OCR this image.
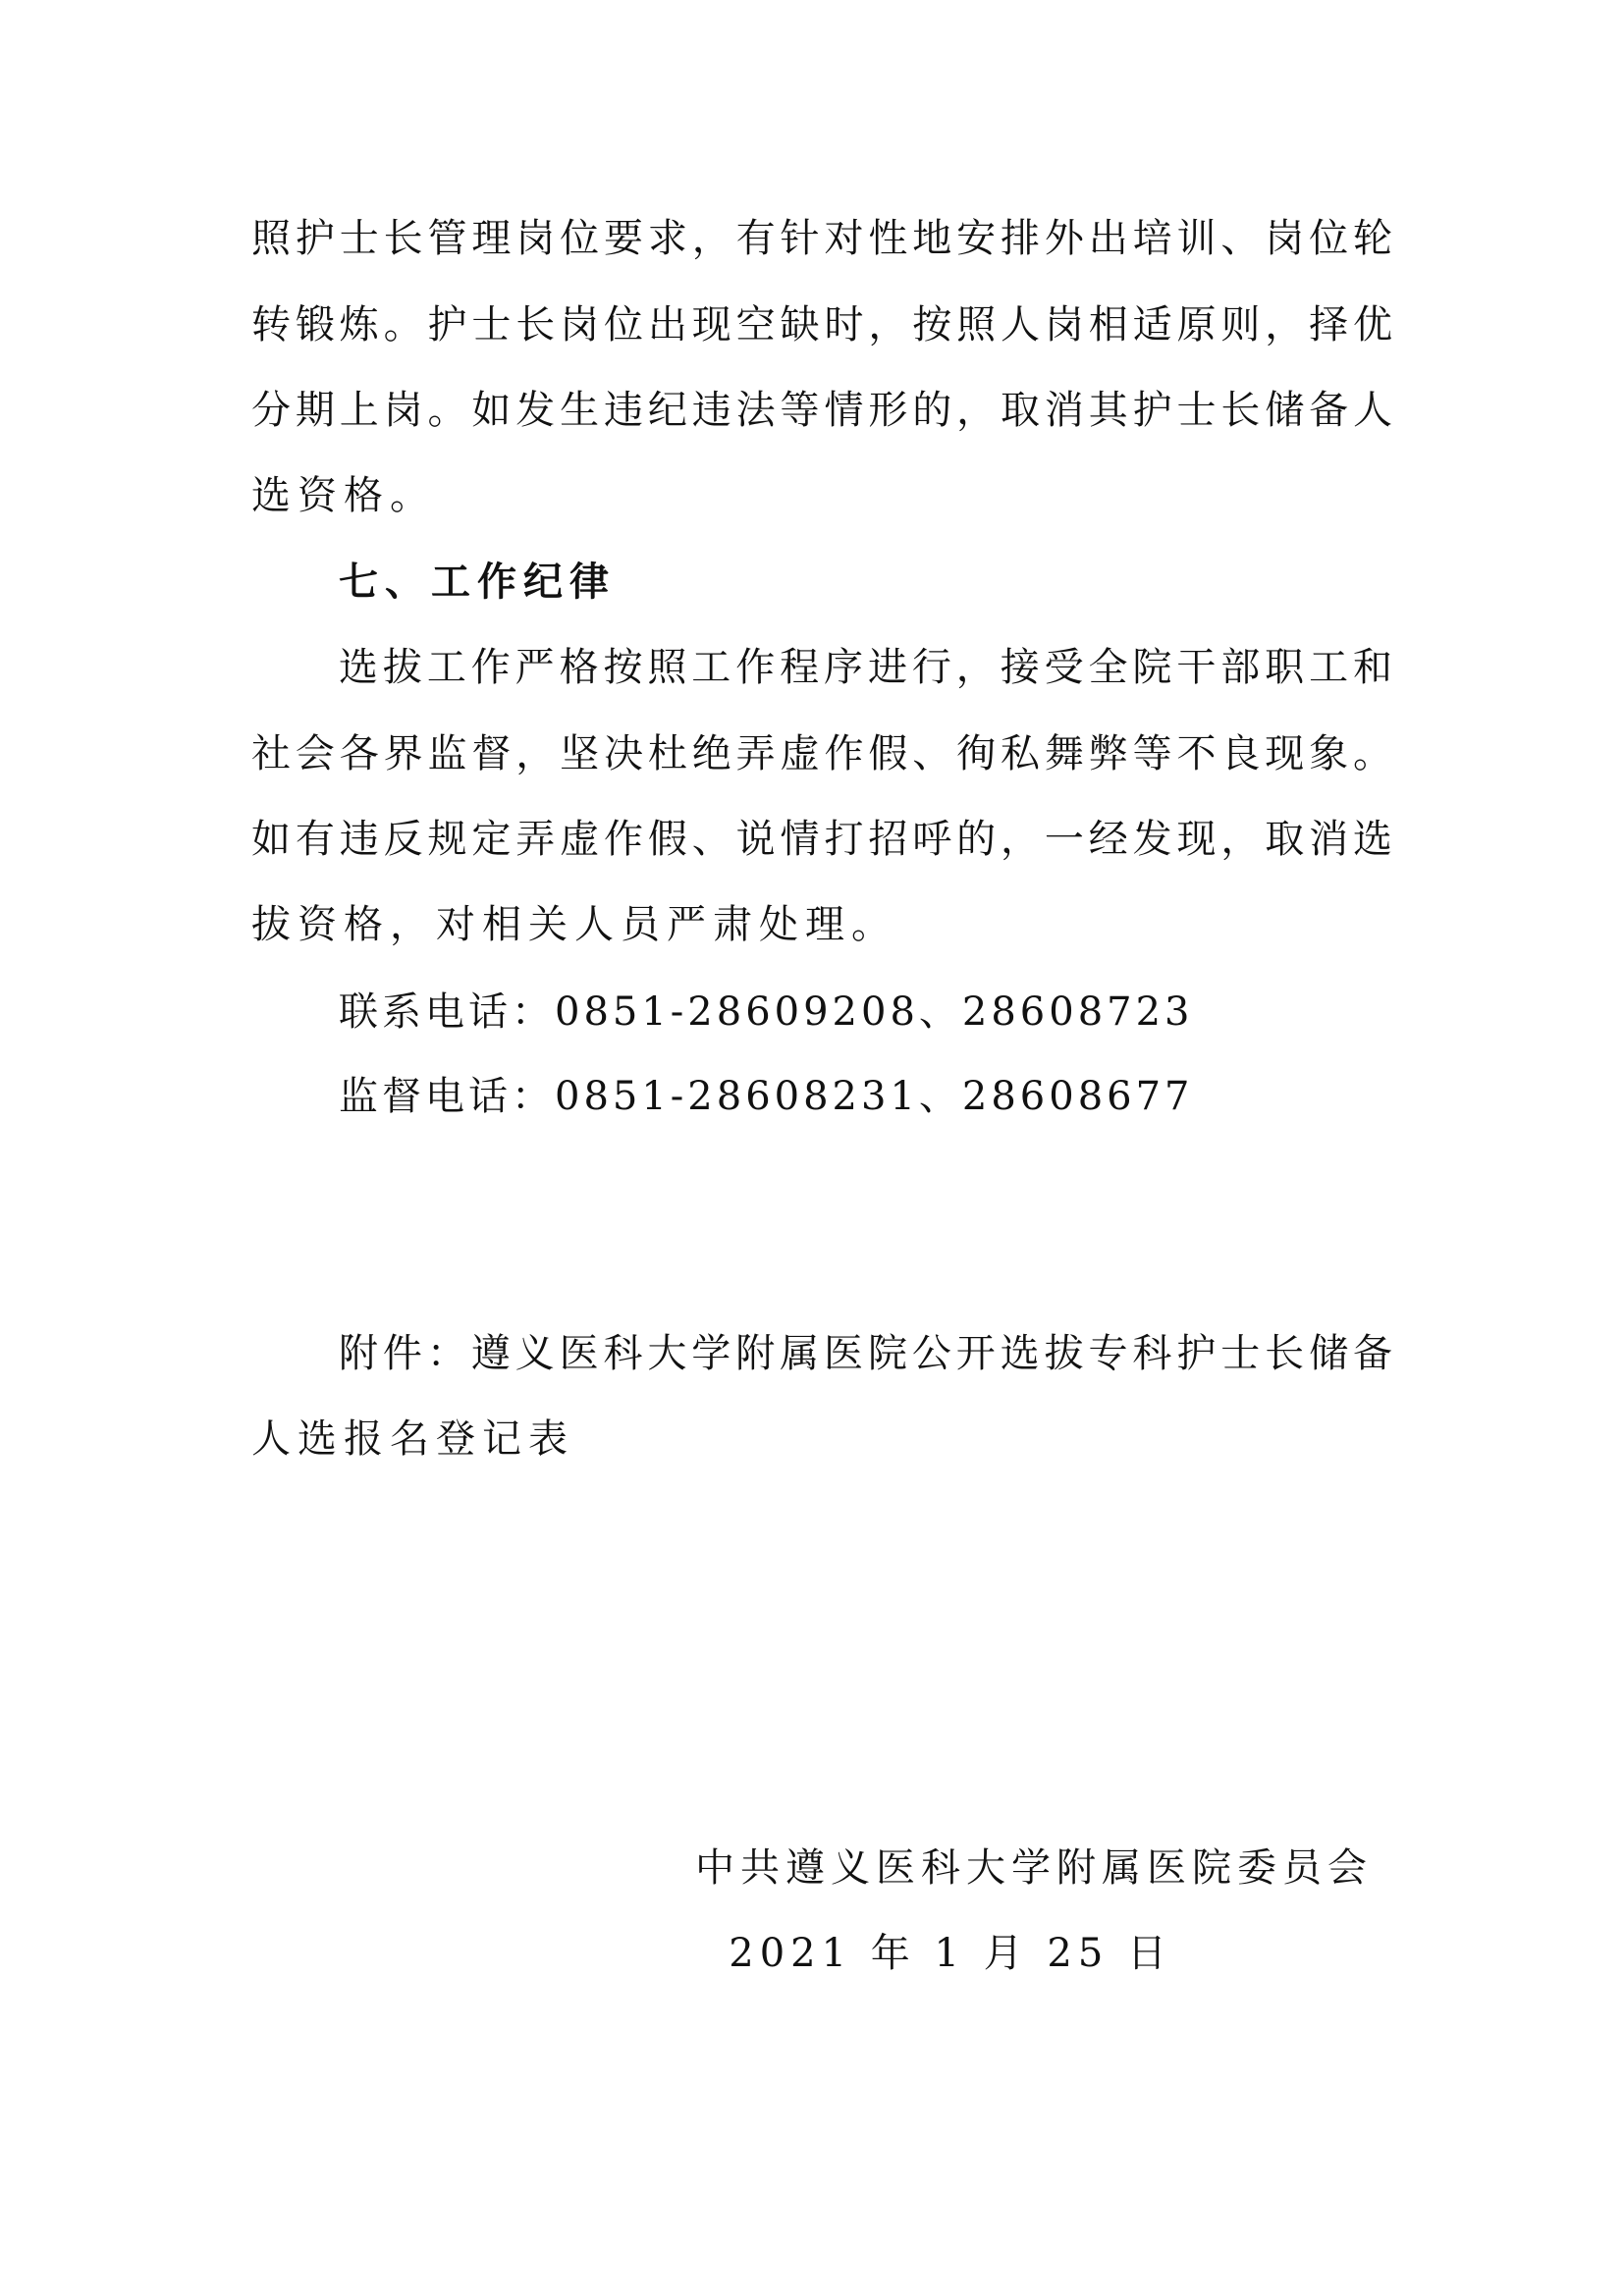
照护士长管理岗位要求，有针对性地安排外出培训、岗位轮
转锻炼。护士长岗位出现空缺时，按照人岗相适原则，择优
分期上岗。如发生违纪违法等情形的，取消其护士长储备人
选资格。
七、工作纪律
选拔工作严格按照工作程序进行，接受全院干部职工和
社会各界监督，坚决杜绝弄虚作假、徇私舞弊等不良现象。
如有违反规定弄虚作假、说情打招呼的，一经发现，取消选
拔资格，对相关人员严肃处理。
联系电话：0851-28609208、28608723
监督电话：0851-28608231、28608677
附件：遵义医科大学附属医院公开选拔专科护士长储备
人选报名登记表
中共遵义医科大学附属医院委员会
2021 年 1 月 25 日
